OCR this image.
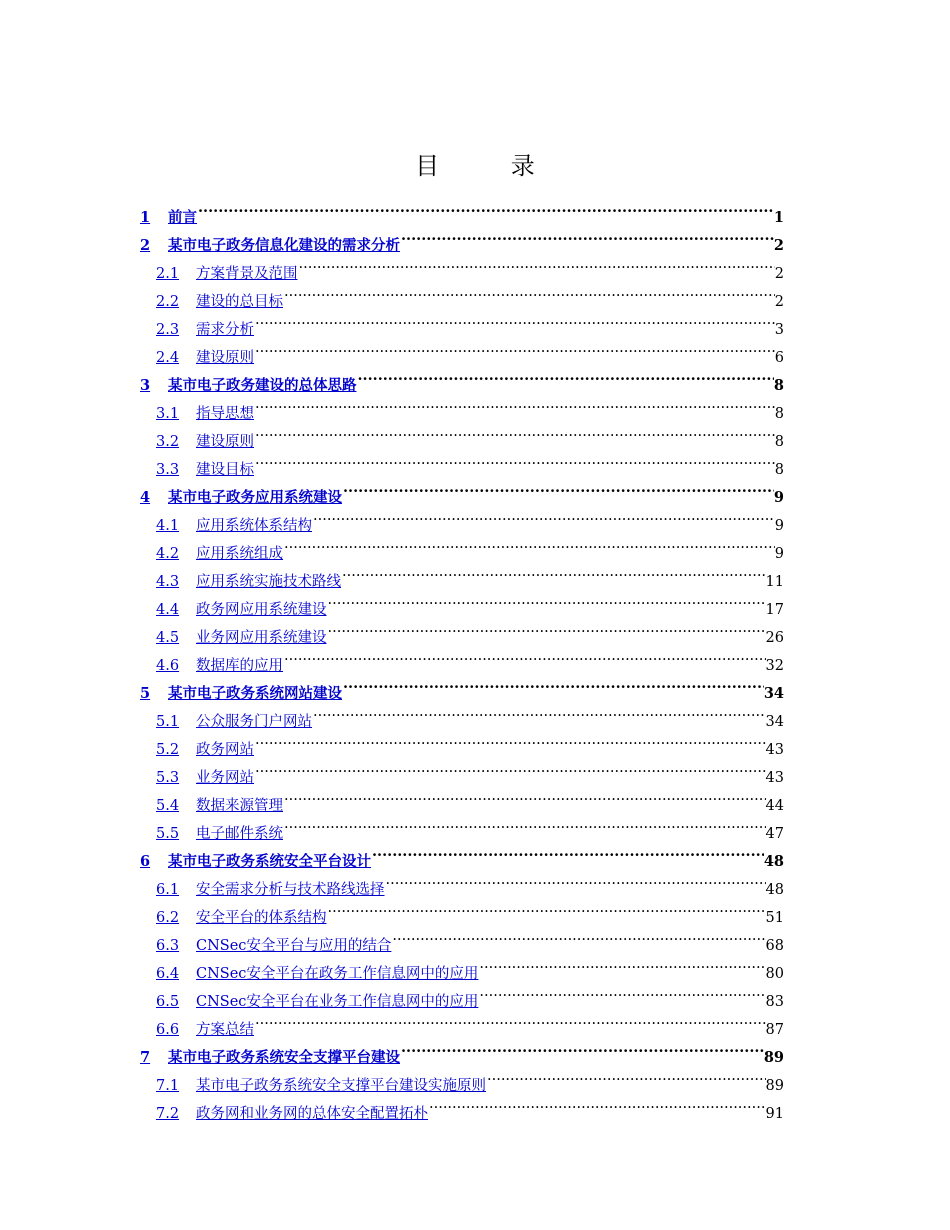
目 录
1	前言 .....	1
2	某市电子政务信息化建设的需求分析 .....	2
2.1	方案背景及范围 .....	2
2.2	建设的总目标 .....	2
2.3	需求分析 .....	3
2.4	建设原则 .....	6
3	某市电子政务建设的总体思路 .....	8
3.1	指导思想 .....	8
3.2	建设原则 .....	8
3.3	建设目标 .....	8
4	某市电子政务应用系统建设 .....	9
4.1	应用系统体系结构 .....	9
4.2	应用系统组成 .....	9
4.3	应用系统实施技术路线 .....	11
4.4	政务网应用系统建设 .....	17
4.5	业务网应用系统建设 .....	26
4.6	数据库的应用 .....	32
5	某市电子政务系统网站建设 .....	34
5.1	公众服务门户网站 .....	34
5.2	政务网站 .....	43
5.3	业务网站 .....	43
5.4	数据来源管理 .....	44
5.5	电子邮件系统 .....	47
6	某市电子政务系统安全平台设计 .....	48
6.1	安全需求分析与技术路线选择 .....	48
6.2	安全平台的体系结构 .....	51
6.3	CNSec安全平台与应用的结合 .....	68
6.4	CNSec安全平台在政务工作信息网中的应用 .....	80
6.5	CNSec安全平台在业务工作信息网中的应用 .....	83
6.6	方案总结 .....	87
7	某市电子政务系统安全支撑平台建设 .....	89
7.1	某市电子政务系统安全支撑平台建设实施原则 .....	89
7.2	政务网和业务网的总体安全配置拓朴 .....	91
